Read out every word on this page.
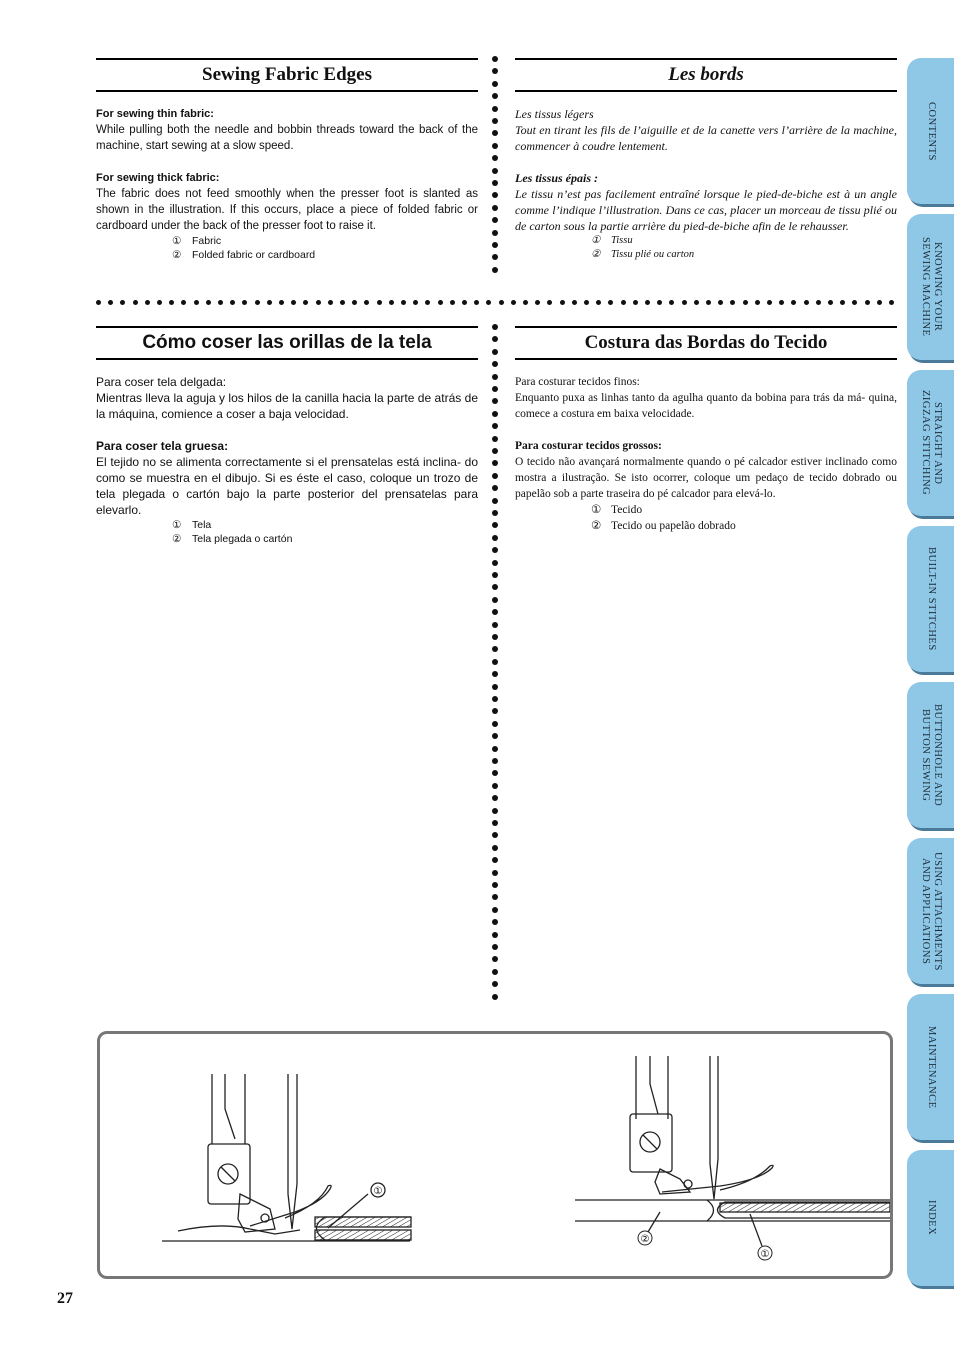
Sewing Fabric Edges
For sewing thin fabric:
While pulling both the needle and bobbin threads toward the back of the machine, start sewing at a slow speed.
For sewing thick fabric:
The fabric does not feed smoothly when the presser foot is slanted as shown in the illustration. If this occurs, place a piece of folded fabric or cardboard under the back of the presser foot to raise it.
① Fabric
② Folded fabric or cardboard
Les bords
Les tissus légers
Tout en tirant les fils de l’aiguille et de la canette vers l’arrière de la machine, commencer à coudre lentement.
Les tissus épais :
Le tissu n’est pas facilement entraîné lorsque le pied-de-biche est à un angle comme l’indique l’illustration. Dans ce cas, placer un morceau de tissu plié ou de carton sous la partie arrière du pied-de-biche afin de le rehausser.
① Tissu
② Tissu plié ou carton
Cómo coser las orillas de la tela
Para coser tela delgada:
Mientras lleva la aguja y los hilos de la canilla hacia la parte de atrás de la máquina, comience a coser a baja velocidad.
Para coser tela gruesa:
El tejido no se alimenta correctamente si el prensatelas está inclina- do como se muestra en el dibujo. Si es éste el caso, coloque un trozo de tela plegada o cartón bajo la parte posterior del prensatelas para elevarlo.
① Tela
② Tela plegada o cartón
Costura das Bordas do Tecido
Para costurar tecidos finos:
Enquanto puxa as linhas tanto da agulha quanto da bobina para trás da má- quina, comece a costura em baixa velocidade.
Para costurar tecidos grossos:
O tecido não avançará normalmente quando o pé calcador estiver inclinado como mostra a ilustração. Se isto ocorrer, coloque um pedaço de tecido dobrado ou papelão sob a parte traseira do pé calcador para elevá-lo.
① Tecido
② Tecido ou papelão dobrado
①
②
①
CONTENTS
KNOWING YOUR
SEWING MACHINE
STRAIGHT AND
ZIGZAG STITCHING
BUILT-IN STITCHES
BUTTONHOLE AND
BUTTON SEWING
USING ATTACHMENTS
AND APPLICATIONS
MAINTENANCE
INDEX
27
